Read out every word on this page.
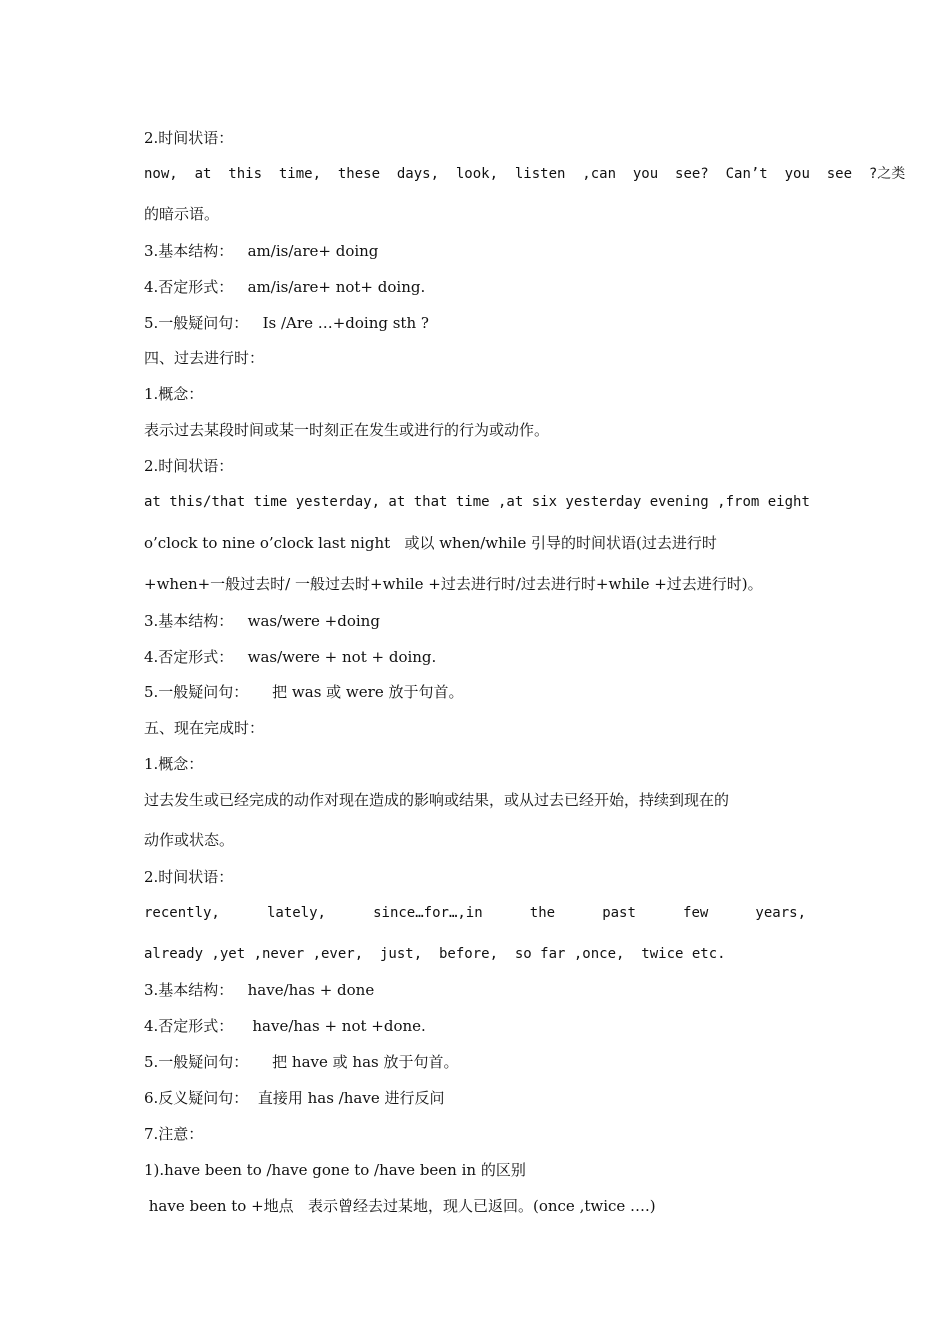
2.时间状语：
now,  at  this  time,  these  days,  look,  listen  ,can  you  see?  Can’t  you  see  ?之类
的暗示语。
3.基本结构：   am/is/are+ doing
4.否定形式：   am/is/are+ not+ doing.
5.一般疑问句：   Is /Are …+doing sth ?
四、过去进行时：
1.概念：
表示过去某段时间或某一时刻正在发生或进行的行为或动作。
2.时间状语：
at this/that time yesterday, at that time ,at six yesterday evening ,from eight
o’clock to nine o’clock last night   或以 when/while 引导的时间状语(过去进行时
+when+一般过去时/ 一般过去时+while +过去进行时/过去进行时+while +过去进行时)。
3.基本结构：   was/were +doing
4.否定形式：   was/were + not + doing.
5.一般疑问句：     把 was 或 were 放于句首。
五、现在完成时：
1.概念：
过去发生或已经完成的动作对现在造成的影响或结果，或从过去已经开始，持续到现在的
动作或状态。
2.时间状语：
recently,	lately,	since…for…,in	the	past	few	years,
already ,yet ,never ,ever,  just,  before,  so far ,once,  twice etc.
3.基本结构：   have/has + done
4.否定形式：    have/has + not +done.
5.一般疑问句：     把 have 或 has 放于句首。
6.反义疑问句：  直接用 has /have 进行反问
7.注意：
1).have been to /have gone to /have been in 的区别
have been to +地点   表示曾经去过某地，现人已返回。(once ,twice ….)
